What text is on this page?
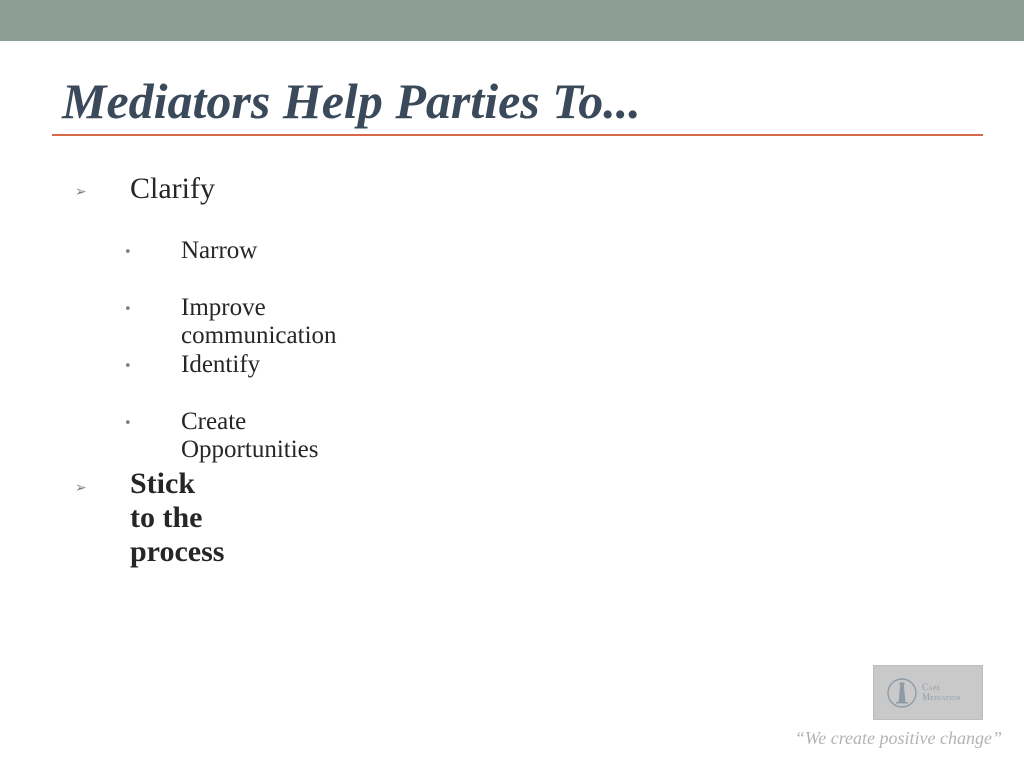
Mediators Help Parties To...
➢ Clarify
• Narrow
• Improve communication
• Identify
• Create Opportunities
➢ Stick to the process
Cape
Mediation
“We create positive change”
